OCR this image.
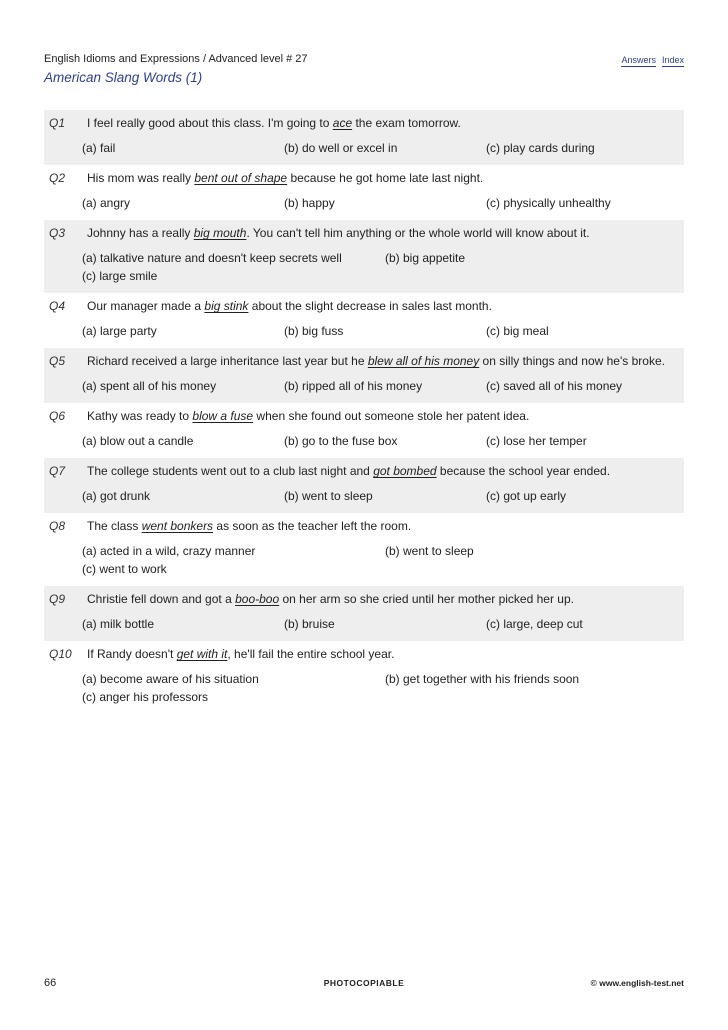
English Idioms and Expressions / Advanced level # 27
American Slang Words (1)
Answers Index
Q1	I feel really good about this class. I'm going to ace the exam tomorrow.
(a) fail	(b) do well or excel in	(c) play cards during
Q2	His mom was really bent out of shape because he got home late last night.
(a) angry	(b) happy	(c) physically unhealthy
Q3	Johnny has a really big mouth. You can't tell him anything or the whole world will know about it.
(a) talkative nature and doesn't keep secrets well	(b) big appetite
(c) large smile
Q4	Our manager made a big stink about the slight decrease in sales last month.
(a) large party	(b) big fuss	(c) big meal
Q5	Richard received a large inheritance last year but he blew all of his money on silly things and now he's broke.
(a) spent all of his money	(b) ripped all of his money	(c) saved all of his money
Q6	Kathy was ready to blow a fuse when she found out someone stole her patent idea.
(a) blow out a candle	(b) go to the fuse box	(c) lose her temper
Q7	The college students went out to a club last night and got bombed because the school year ended.
(a) got drunk	(b) went to sleep	(c) got up early
Q8	The class went bonkers as soon as the teacher left the room.
(a) acted in a wild, crazy manner	(b) went to sleep
(c) went to work
Q9	Christie fell down and got a boo-boo on her arm so she cried until her mother picked her up.
(a) milk bottle	(b) bruise	(c) large, deep cut
Q10	If Randy doesn't get with it, he'll fail the entire school year.
(a) become aware of his situation	(b) get together with his friends soon
(c) anger his professors
66	PHOTOCOPIABLE	© www.english-test.net
